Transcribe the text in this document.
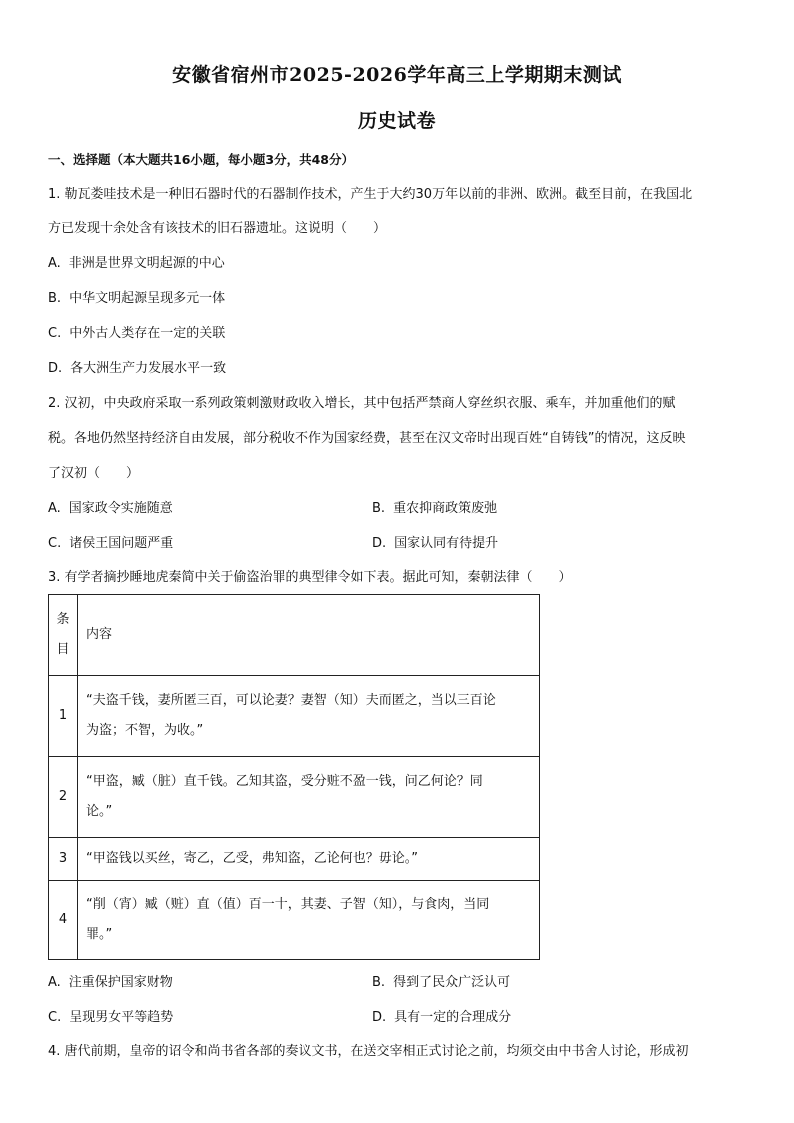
安徽省宿州市2025-2026学年高三上学期期末测试
历史试卷
一、选择题（本大题共16小题，每小题3分，共48分）
1. 勒瓦娄哇技术是一种旧石器时代的石器制作技术，产生于大约30万年以前的非洲、欧洲。截至目前，在我国北
方已发现十余处含有该技术的旧石器遗址。这说明（　　）
A. 非洲是世界文明起源的中心
B. 中华文明起源呈现多元一体
C. 中外古人类存在一定的关联
D. 各大洲生产力发展水平一致
2. 汉初，中央政府采取一系列政策刺激财政收入增长，其中包括严禁商人穿丝织衣服、乘车，并加重他们的赋
税。各地仍然坚持经济自由发展，部分税收不作为国家经费，甚至在汉文帝时出现百姓“自铸钱”的情况，这反映
了汉初（　　）
A. 国家政令实施随意	B. 重农抑商政策废弛
C. 诸侯王国问题严重	D. 国家认同有待提升
3. 有学者摘抄睡地虎秦简中关于偷盗治罪的典型律令如下表。据此可知，秦朝法律（　　）
条
目	内容
1	“夫盗千钱，妻所匿三百，可以论妻？妻智（知）夫而匿之，当以三百论
为盗；不智，为收。”

2	“甲盗，臧（脏）直千钱。乙知其盗，受分赃不盈一钱，问乙何论？同
论。”

3	“甲盗钱以买丝，寄乙，乙受，弗知盗，乙论何也？毋论。”

4	“削（宵）臧（赃）直（值）百一十，其妻、子智（知），与食肉，当同
罪。”
A. 注重保护国家财物	B. 得到了民众广泛认可
C. 呈现男女平等趋势	D. 具有一定的合理成分
4. 唐代前期，皇帝的诏令和尚书省各部的奏议文书，在送交宰相正式讨论之前，均须交由中书舍人讨论，形成初
